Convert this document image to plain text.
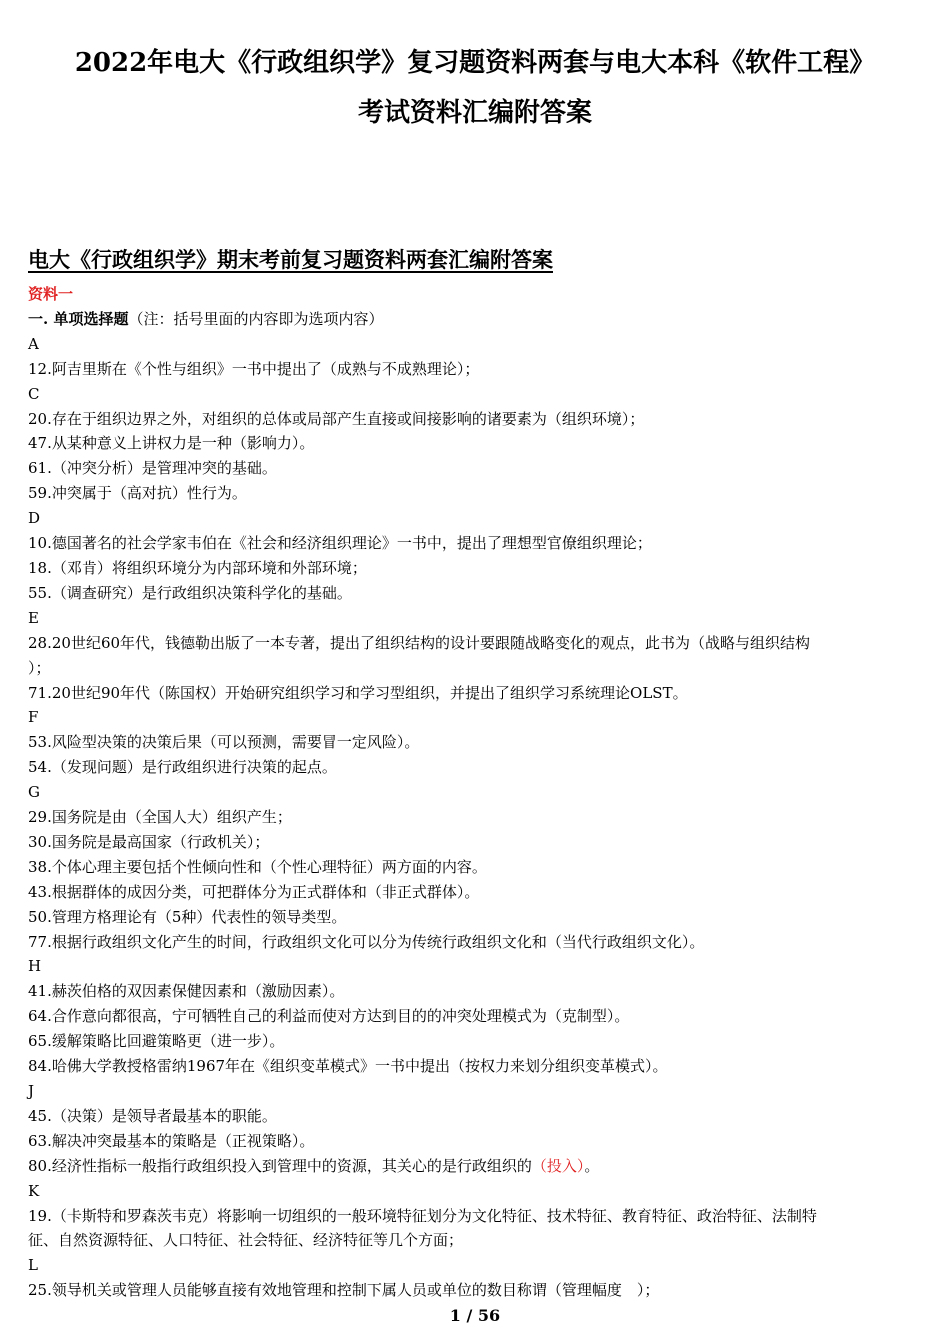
2022年电大《行政组织学》复习题资料两套与电大本科《软件工程》
考试资料汇编附答案
电大《行政组织学》期末考前复习题资料两套汇编附答案
资料一
一. 单项选择题（注：括号里面的内容即为选项内容）
A
12.阿吉里斯在《个性与组织》一书中提出了（成熟与不成熟理论）；
C
20.存在于组织边界之外，对组织的总体或局部产生直接或间接影响的诸要素为（组织环境）；
47.从某种意义上讲权力是一种（影响力）。
61.（冲突分析）是管理冲突的基础。
59.冲突属于（高对抗）性行为。
D
10.德国著名的社会学家韦伯在《社会和经济组织理论》一书中，提出了理想型官僚组织理论；
18.（邓肯）将组织环境分为内部环境和外部环境；
55.（调查研究）是行政组织决策科学化的基础。
E
28.20世纪60年代，钱德勒出版了一本专著，提出了组织结构的设计要跟随战略变化的观点，此书为（战略与组织结构
）；
71.20世纪90年代（陈国权）开始研究组织学习和学习型组织，并提出了组织学习系统理论OLST。
F
53.风险型决策的决策后果（可以预测，需要冒一定风险）。
54.（发现问题）是行政组织进行决策的起点。
G
29.国务院是由（全国人大）组织产生；
30.国务院是最高国家（行政机关）；
38.个体心理主要包括个性倾向性和（个性心理特征）两方面的内容。
43.根据群体的成因分类，可把群体分为正式群体和（非正式群体）。
50.管理方格理论有（5种）代表性的领导类型。
77.根据行政组织文化产生的时间，行政组织文化可以分为传统行政组织文化和（当代行政组织文化）。
H
41.赫茨伯格的双因素保健因素和（激励因素）。
64.合作意向都很高，宁可牺牲自己的利益而使对方达到目的的冲突处理模式为（克制型）。
65.缓解策略比回避策略更（进一步）。
84.哈佛大学教授格雷纳1967年在《组织变革模式》一书中提出（按权力来划分组织变革模式）。
J
45.（决策）是领导者最基本的职能。
63.解决冲突最基本的策略是（正视策略）。
80.经济性指标一般指行政组织投入到管理中的资源，其关心的是行政组织的（投入）。
K
19.（卡斯特和罗森茨韦克）将影响一切组织的一般环境特征划分为文化特征、技术特征、教育特征、政治特征、法制特
征、自然资源特征、人口特征、社会特征、经济特征等几个方面；
L
25.领导机关或管理人员能够直接有效地管理和控制下属人员或单位的数目称谓（管理幅度　）；
1 / 56
